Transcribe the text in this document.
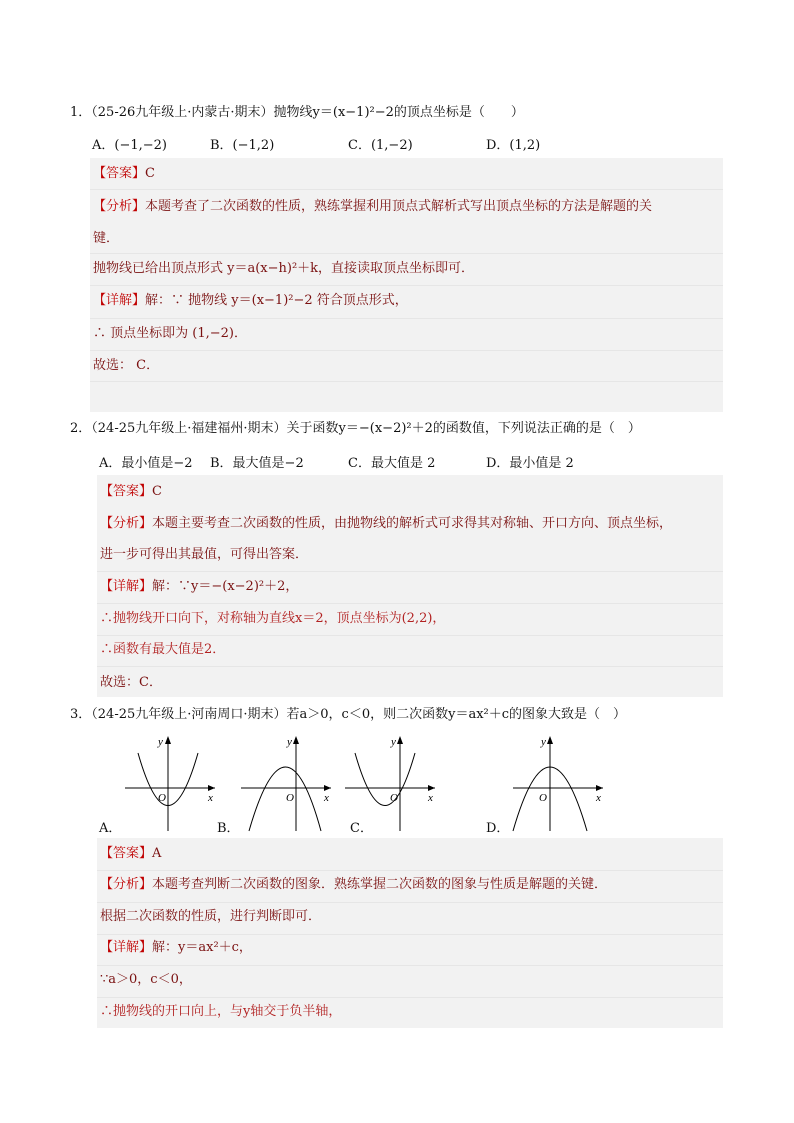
1．（25-26九年级上·内蒙古·期末）抛物线y＝(x−1)²−2的顶点坐标是（　　）
A．(−1,−2)	B．(−1,2)	C．(1,−2)	D．(1,2)
【答案】C
【分析】本题考查了二次函数的性质，熟练掌握利用顶点式解析式写出顶点坐标的方法是解题的关
键．
抛物线已给出顶点形式 y＝a(x−h)²＋k，直接读取顶点坐标即可．
【详解】解：∵ 抛物线 y＝(x−1)²−2 符合顶点形式，
∴ 顶点坐标即为 (1,−2)．
故选： C．
2．（24-25九年级上·福建福州·期末）关于函数y＝−(x−2)²＋2的函数值，下列说法正确的是（　）
A．最小值是−2 B．最大值是−2	C．最大值是 2	D．最小值是 2
【答案】C
【分析】本题主要考查二次函数的性质，由抛物线的解析式可求得其对称轴、开口方向、顶点坐标，
进一步可得出其最值，可得出答案．
【详解】解：∵y＝−(x−2)²＋2，
∴抛物线开口向下，对称轴为直线x＝2，顶点坐标为(2,2)，
∴函数有最大值是2．
故选：C．
3．（24-25九年级上·河南周口·期末）若a＞0，c＜0，则二次函数y＝ax²＋c的图象大致是（　）
A．	B．	C．	D．
y
O	x
y
O	x
y
O	x
y
O	x
【答案】A
【分析】本题考查判断二次函数的图象．熟练掌握二次函数的图象与性质是解题的关键．
根据二次函数的性质，进行判断即可．
【详解】解：y＝ax²＋c，
∵a＞0，c＜0，
∴抛物线的开口向上，与y轴交于负半轴，
